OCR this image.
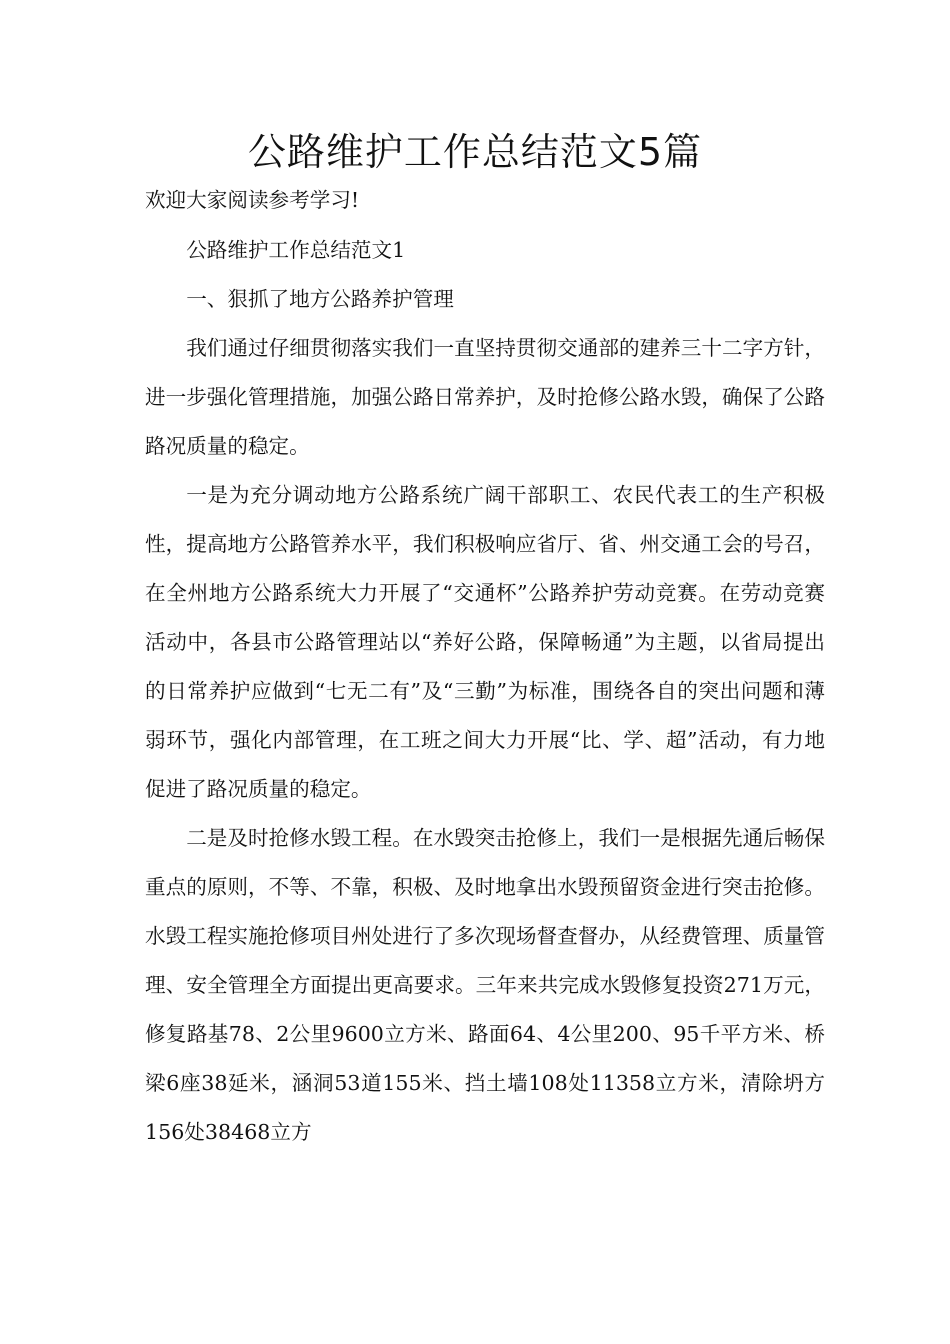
公路维护工作总结范文5篇

欢迎大家阅读参考学习!

公路维护工作总结范文1

一、狠抓了地方公路养护管理

我们通过仔细贯彻落实我们一直坚持贯彻交通部的建养三十二字方针，进一步强化管理措施，加强公路日常养护，及时抢修公路水毁，确保了公路路况质量的稳定。

一是为充分调动地方公路系统广阔干部职工、农民代表工的生产积极性，提高地方公路管养水平，我们积极响应省厅、省、州交通工会的号召，在全州地方公路系统大力开展了“交通杯”公路养护劳动竞赛。在劳动竞赛活动中，各县市公路管理站以“养好公路，保障畅通”为主题，以省局提出的日常养护应做到“七无二有”及“三勤”为标准，围绕各自的突出问题和薄弱环节，强化内部管理，在工班之间大力开展“比、学、超”活动，有力地促进了路况质量的稳定。

二是及时抢修水毁工程。在水毁突击抢修上，我们一是根据先通后畅保重点的原则，不等、不靠，积极、及时地拿出水毁预留资金进行突击抢修。水毁工程实施抢修项目州处进行了多次现场督查督办，从经费管理、质量管理、安全管理全方面提出更高要求。三年来共完成水毁修复投资271万元，修复路基78、2公里9600立方米、路面64、4公里200、95千平方米、桥梁6座38延米，涵洞53道155米、挡土墙108处11358立方米，清除坍方156处38468立方
